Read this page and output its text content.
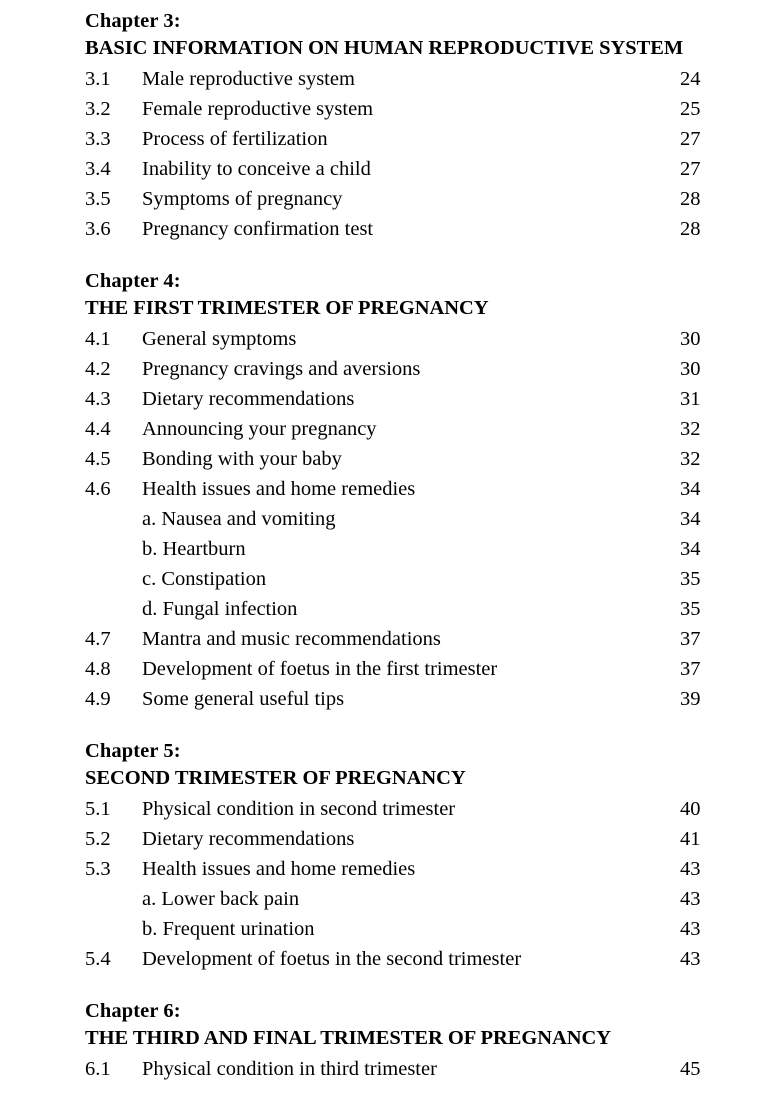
Chapter 3:
BASIC INFORMATION ON HUMAN REPRODUCTIVE SYSTEM
3.1	Male reproductive system	24
3.2	Female reproductive system	25
3.3	Process of fertilization	27
3.4	Inability to conceive a child	27
3.5	Symptoms of pregnancy	28
3.6	Pregnancy confirmation test	28
Chapter 4:
THE FIRST TRIMESTER OF PREGNANCY
4.1	General symptoms	30
4.2	Pregnancy cravings and aversions	30
4.3	Dietary recommendations	31
4.4	Announcing your pregnancy	32
4.5	Bonding with your baby	32
4.6	Health issues and home remedies	34
a. Nausea and vomiting	34
b. Heartburn	34
c. Constipation	35
d. Fungal infection	35
4.7	Mantra and music recommendations	37
4.8	Development of foetus in the first trimester	37
4.9	Some general useful tips	39
Chapter 5:
SECOND TRIMESTER OF PREGNANCY
5.1	Physical condition in second trimester	40
5.2	Dietary recommendations	41
5.3	Health issues and home remedies	43
a. Lower back pain	43
b. Frequent urination	43
5.4	Development of foetus in the second trimester	43
Chapter 6:
THE THIRD AND FINAL TRIMESTER OF PREGNANCY
6.1	Physical condition in third trimester	45
